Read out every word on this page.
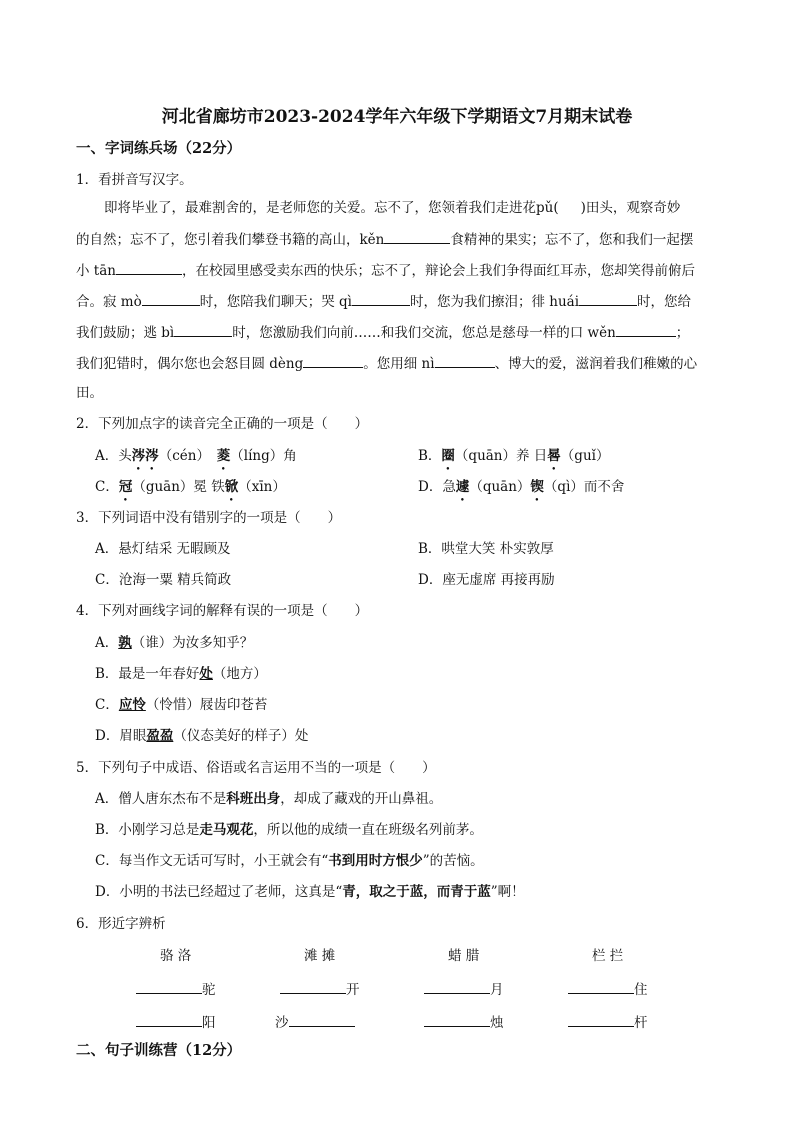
河北省廊坊市2023-2024学年六年级下学期语文7月期末试卷
一、字词练兵场（22分）
1．看拼音写汉字。
即将毕业了，最难割舍的，是老师您的关爱。忘不了，您领着我们走进花pǔ( )田头，观察奇妙
的自然；忘不了，您引着我们攀登书籍的高山，kěn	食精神的果实；忘不了，您和我们一起摆
小 tān	，在校园里感受卖东西的快乐；忘不了，辩论会上我们争得面红耳赤，您却笑得前俯后
合。寂 mò	时，您陪我们聊天；哭 qì	时，您为我们擦泪；徘 huái	时，您给
我们鼓励；逃 bì	时，您激励我们向前……和我们交流，您总是慈母一样的口 wěn	；
我们犯错时，偶尔您也会怒目圆 dèng	。您用细 nì	、博大的爱，滋润着我们稚嫩的心
田。
2．下列加点字的读音完全正确的一项是（　　）
A．头涔涔（cén）　菱（líng）角	B．圈（quān）养 日晷（guǐ）
C．冠（guān）冕 铁锨（xīn）	D．急遽（quān）锲（qì）而不舍
3．下列词语中没有错别字的一项是（　　）
A．悬灯结采 无暇顾及	B．哄堂大笑 朴实敦厚
C．沧海一粟 精兵简政	D．座无虚席 再接再励
4．下列对画线字词的解释有误的一项是（　　）
A．孰（谁）为汝多知乎？
B．最是一年春好处（地方）
C．应怜（怜惜）屐齿印苍苔
D．眉眼盈盈（仪态美好的样子）处
5．下列句子中成语、俗语或名言运用不当的一项是（　　）
A．僧人唐东杰布不是科班出身，却成了藏戏的开山鼻祖。
B．小刚学习总是走马观花，所以他的成绩一直在班级名列前茅。
C．每当作文无话可写时，小王就会有“书到用时方恨少”的苦恼。
D．小明的书法已经超过了老师，这真是“青，取之于蓝，而青于蓝”啊！
6．形近字辨析
骆 洛	滩 摊	蜡 腊	栏 拦
驼	开	月	住
阳	沙	烛	杆
二、句子训练营（12分）
